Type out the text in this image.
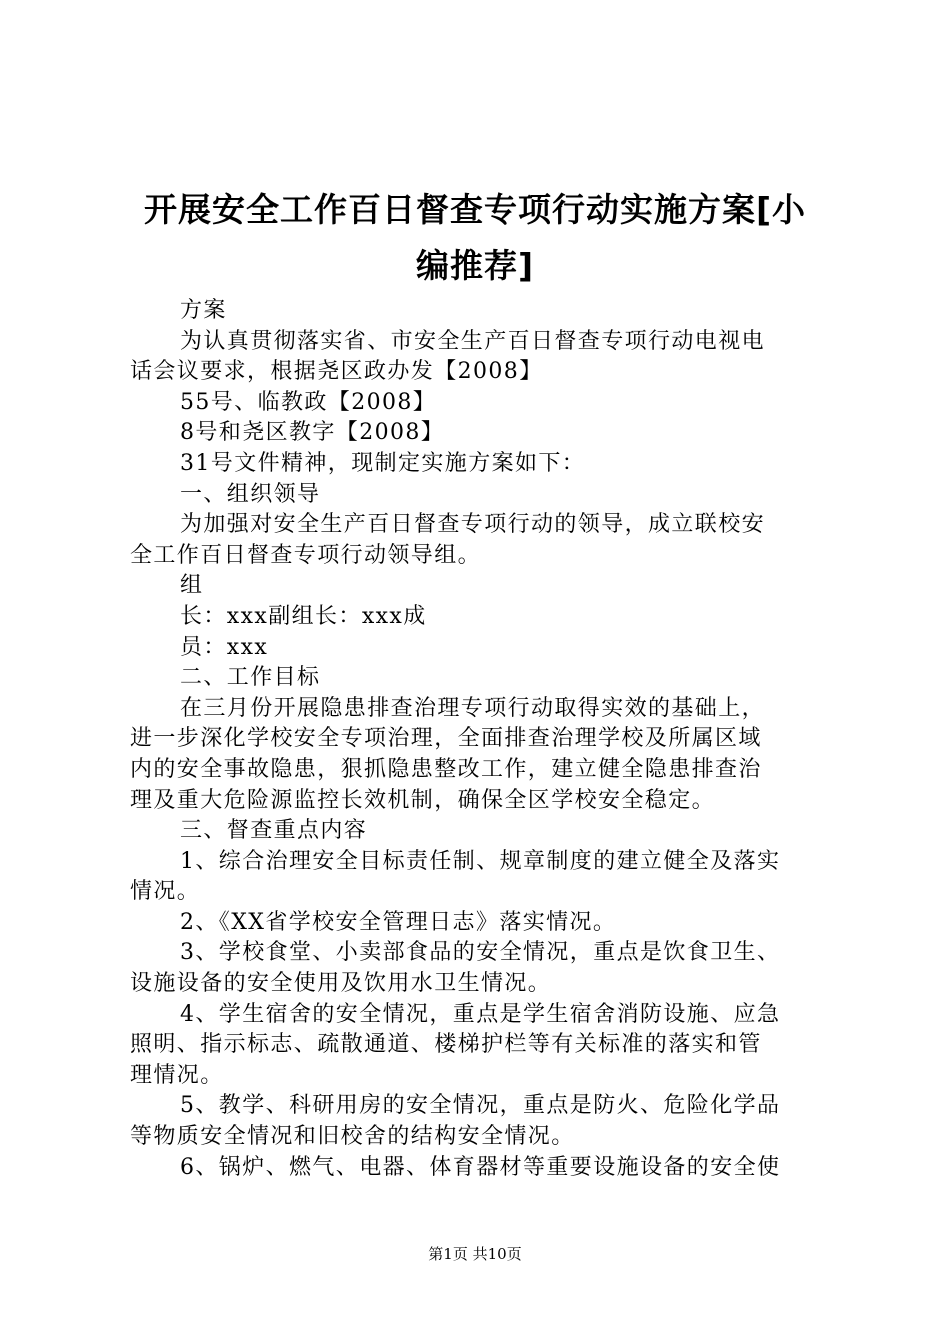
开展安全工作百日督查专项行动实施方案[小
编推荐]
方案
为认真贯彻落实省、市安全生产百日督查专项行动电视电
话会议要求，根据尧区政办发【2008】
55号、临教政【2008】
8号和尧区教字【2008】
31号文件精神，现制定实施方案如下：
一、组织领导
为加强对安全生产百日督查专项行动的领导，成立联校安
全工作百日督查专项行动领导组。
组
长：xxx副组长：xxx成
员：xxx
二、工作目标
在三月份开展隐患排查治理专项行动取得实效的基础上，
进一步深化学校安全专项治理，全面排查治理学校及所属区域
内的安全事故隐患，狠抓隐患整改工作，建立健全隐患排查治
理及重大危险源监控长效机制，确保全区学校安全稳定。
三、督查重点内容
1、综合治理安全目标责任制、规章制度的建立健全及落实
情况。
2、《XX省学校安全管理日志》落实情况。
3、学校食堂、小卖部食品的安全情况，重点是饮食卫生、
设施设备的安全使用及饮用水卫生情况。
4、学生宿舍的安全情况，重点是学生宿舍消防设施、应急
照明、指示标志、疏散通道、楼梯护栏等有关标准的落实和管
理情况。
5、教学、科研用房的安全情况，重点是防火、危险化学品
等物质安全情况和旧校舍的结构安全情况。
6、锅炉、燃气、电器、体育器材等重要设施设备的安全使
第1页 共10页
